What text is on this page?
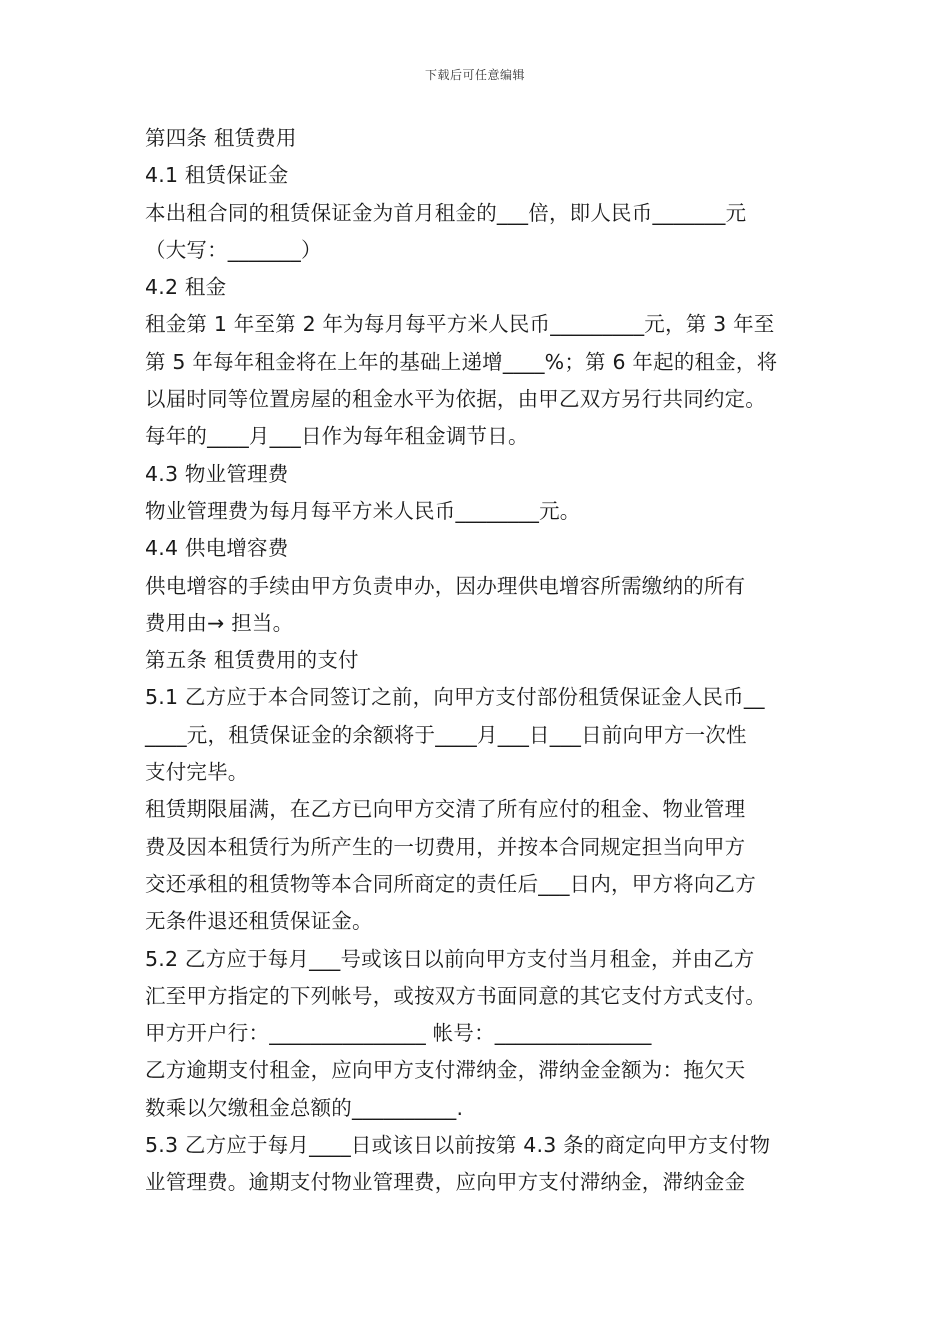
下载后可任意编辑
第四条 租赁费用
4.1 租赁保证金
本出租合同的租赁保证金为首月租金的___倍，即人民币_______元
（大写：_______）
4.2 租金
租金第 1 年至第 2 年为每月每平方米人民币_________元，第 3 年至
第 5 年每年租金将在上年的基础上递增____%；第 6 年起的租金，将
以届时同等位置房屋的租金水平为依据，由甲乙双方另行共同约定。
每年的____月___日作为每年租金调节日。
4.3 物业管理费
物业管理费为每月每平方米人民币________元。
4.4 供电增容费
供电增容的手续由甲方负责申办，因办理供电增容所需缴纳的所有
费用由→ 担当。
第五条 租赁费用的支付
5.1 乙方应于本合同签订之前，向甲方支付部份租赁保证金人民币__
____元，租赁保证金的余额将于____月___日___日前向甲方一次性
支付完毕。
租赁期限届满，在乙方已向甲方交清了所有应付的租金、物业管理
费及因本租赁行为所产生的一切费用，并按本合同规定担当向甲方
交还承租的租赁物等本合同所商定的责任后___日内，甲方将向乙方
无条件退还租赁保证金。
5.2 乙方应于每月___号或该日以前向甲方支付当月租金，并由乙方
汇至甲方指定的下列帐号，或按双方书面同意的其它支付方式支付。
甲方开户行：_______________ 帐号：_______________
乙方逾期支付租金，应向甲方支付滞纳金，滞纳金金额为：拖欠天
数乘以欠缴租金总额的__________.
5.3 乙方应于每月____日或该日以前按第 4.3 条的商定向甲方支付物
业管理费。逾期支付物业管理费，应向甲方支付滞纳金，滞纳金金
